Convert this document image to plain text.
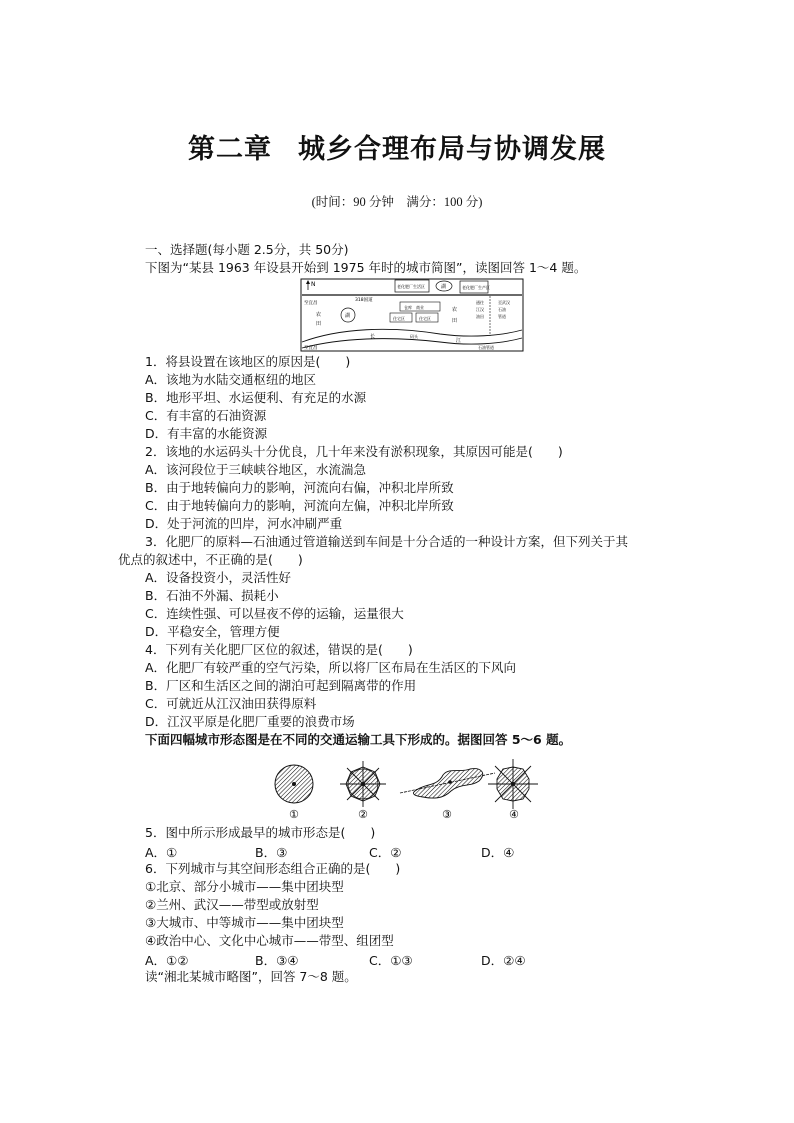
第二章 城乡合理布局与协调发展
(时间：90 分钟　满分：100 分)
一、选择题(每小题 2.5分，共 50分)
下图为“某县 1963 年设县开始到 1975 年时的城市简图”，读图回答 1～4 题。
N	老化肥厂生活区	湖	老化肥厂生产区
318国道
至宜昌
湖
农
田
仓库　商业
住宅区	住宅区
农
田
通往
江汉
油田
至武汉
石油
管道
长
江
码头
至宜昌	石油管道
1．将县设置在该地区的原因是(　　)
A．该地为水陆交通枢纽的地区
B．地形平坦、水运便利、有充足的水源
C．有丰富的石油资源
D．有丰富的水能资源
2．该地的水运码头十分优良，几十年来没有淤积现象，其原因可能是(　　)
A．该河段位于三峡峡谷地区，水流湍急
B．由于地转偏向力的影响，河流向右偏，冲积北岸所致
C．由于地转偏向力的影响，河流向左偏，冲积北岸所致
D．处于河流的凹岸，河水冲刷严重
3．化肥厂的原料—石油通过管道输送到车间是十分合适的一种设计方案，但下列关于其
优点的叙述中，不正确的是(　　)
A．设备投资小，灵活性好
B．石油不外漏、损耗小
C．连续性强、可以昼夜不停的运输，运量很大
D．平稳安全，管理方便
4．下列有关化肥厂区位的叙述，错误的是(　　)
A．化肥厂有较严重的空气污染，所以将厂区布局在生活区的下风向
B．厂区和生活区之间的湖泊可起到隔离带的作用
C．可就近从江汉油田获得原料
D．江汉平原是化肥厂重要的浪费市场
下面四幅城市形态图是在不同的交通运输工具下形成的。据图回答 5～6 题。
①	②	③	④
5．图中所示形成最早的城市形态是(　　)
A．①	B．③	C．②	D．④
6．下列城市与其空间形态组合正确的是(　　)
①北京、部分小城市——集中团块型
②兰州、武汉——带型或放射型
③大城市、中等城市——集中团块型
④政治中心、文化中心城市——带型、组团型
A．①②	B．③④	C．①③	D．②④
读“湘北某城市略图”，回答 7～8 题。
